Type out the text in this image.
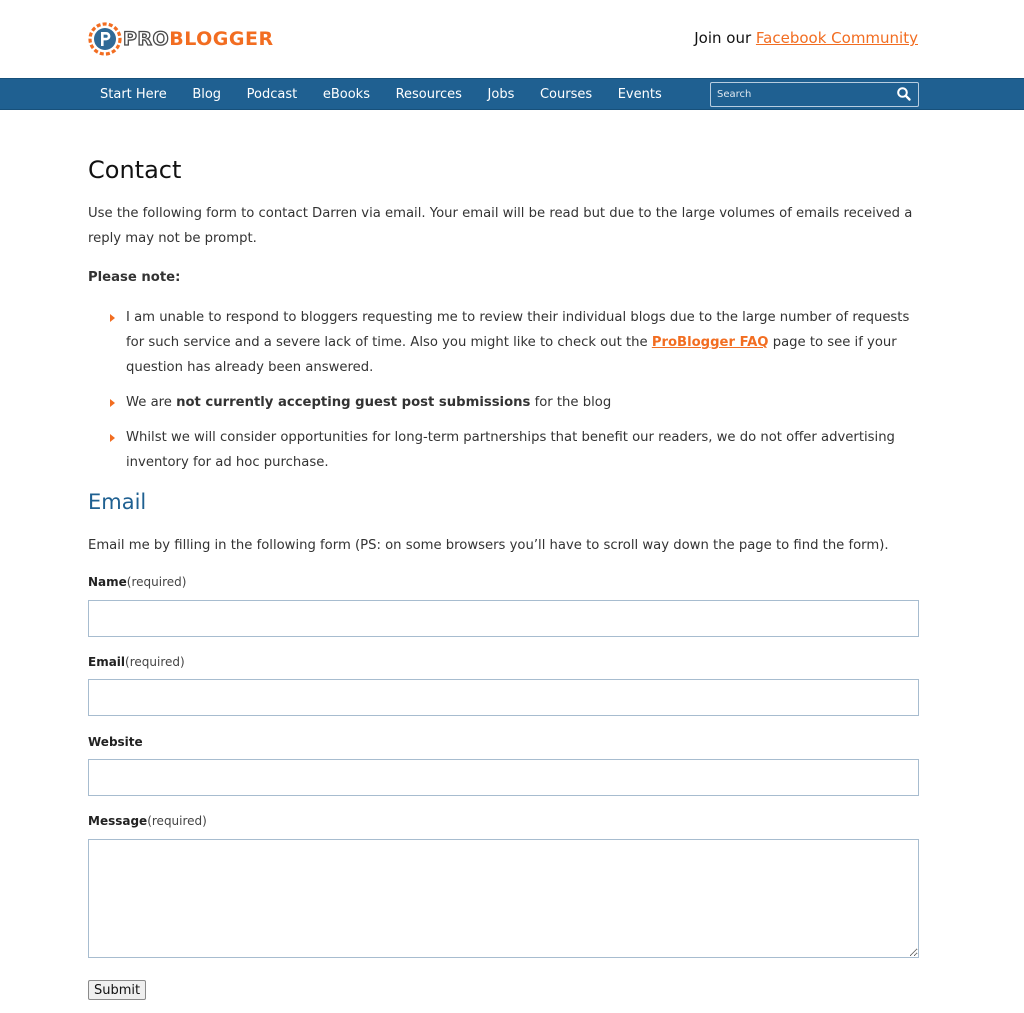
PROBLOGGER	Join our Facebook Community
Start Here	Blog	Podcast	eBooks	Resources	Jobs	Courses	Events
Search
Contact

Use the following form to contact Darren via email. Your email will be read but due to the large volumes of emails received a reply may not be prompt.

Please note:

I am unable to respond to bloggers requesting me to review their individual blogs due to the large number of requests for such service and a severe lack of time. Also you might like to check out the ProBlogger FAQ page to see if your question has already been answered.
We are not currently accepting guest post submissions for the blog
Whilst we will consider opportunities for long-term partnerships that benefit our readers, we do not offer advertising inventory for ad hoc purchase.
Email

Email me by filling in the following form (PS: on some browsers you’ll have to scroll way down the page to find the form).

Name(required)
Email(required)
Website
Message(required)
Submit
